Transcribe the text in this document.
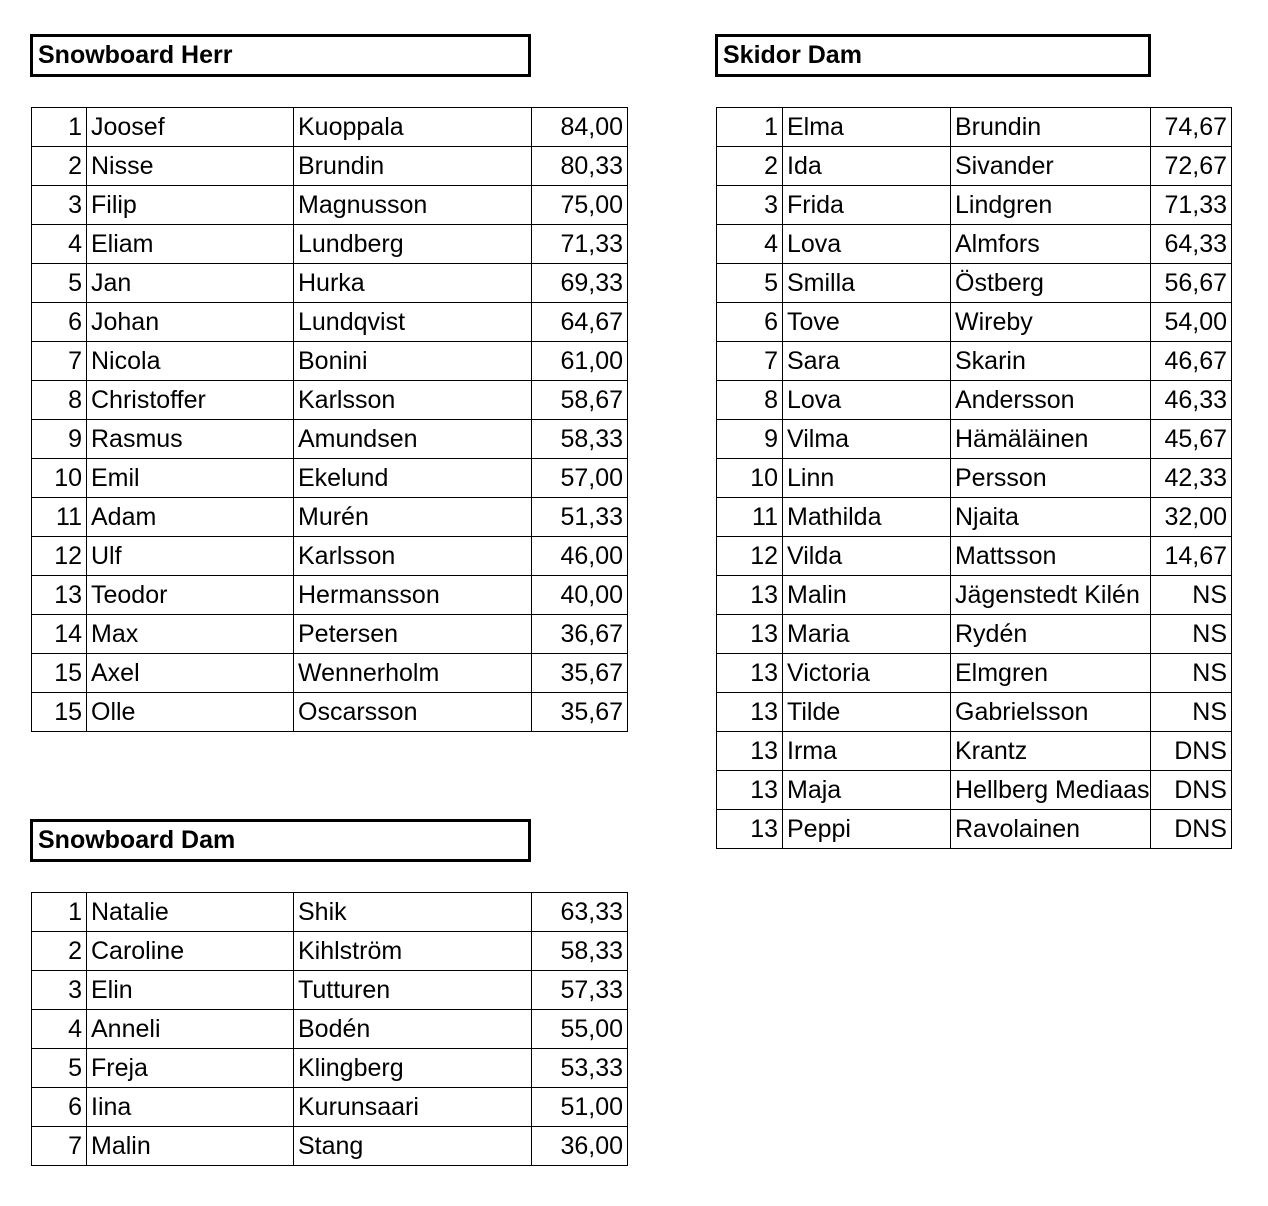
Snowboard Herr
1	Joosef	Kuoppala	84,00
2	Nisse	Brundin	80,33
3	Filip	Magnusson	75,00
4	Eliam	Lundberg	71,33
5	Jan	Hurka	69,33
6	Johan	Lundqvist	64,67
7	Nicola	Bonini	61,00
8	Christoffer	Karlsson	58,67
9	Rasmus	Amundsen	58,33
10	Emil	Ekelund	57,00
11	Adam	Murén	51,33
12	Ulf	Karlsson	46,00
13	Teodor	Hermansson	40,00
14	Max	Petersen	36,67
15	Axel	Wennerholm	35,67
15	Olle	Oscarsson	35,67
Skidor Dam
1	Elma	Brundin	74,67
2	Ida	Sivander	72,67
3	Frida	Lindgren	71,33
4	Lova	Almfors	64,33
5	Smilla	Östberg	56,67
6	Tove	Wireby	54,00
7	Sara	Skarin	46,67
8	Lova	Andersson	46,33
9	Vilma	Hämäläinen	45,67
10	Linn	Persson	42,33
11	Mathilda	Njaita	32,00
12	Vilda	Mattsson	14,67
13	Malin	Jägenstedt Kilén	NS
13	Maria	Rydén	NS
13	Victoria	Elmgren	NS
13	Tilde	Gabrielsson	NS
13	Irma	Krantz	DNS
13	Maja	Hellberg Mediaas	DNS
13	Peppi	Ravolainen	DNS
Snowboard Dam
1	Natalie	Shik	63,33
2	Caroline	Kihlström	58,33
3	Elin	Tutturen	57,33
4	Anneli	Bodén	55,00
5	Freja	Klingberg	53,33
6	Iina	Kurunsaari	51,00
7	Malin	Stang	36,00
